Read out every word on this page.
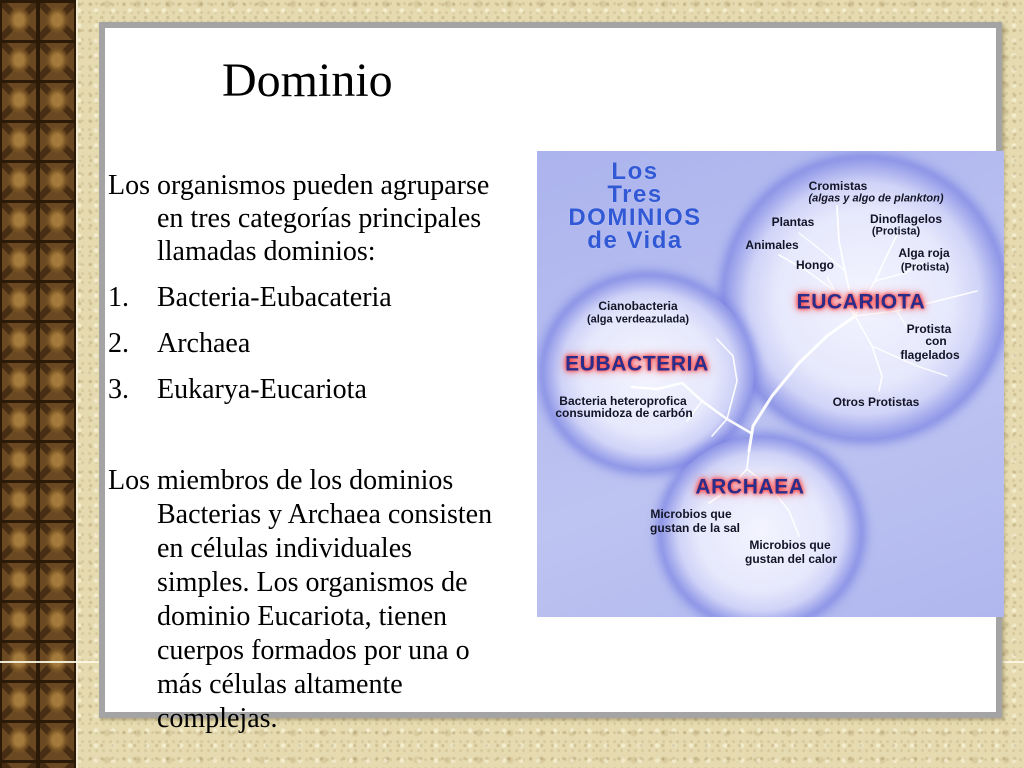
Dominio
Los organismos pueden agruparse
en tres categorías principales
llamadas dominios:
1.	Bacteria-Eubacateria
2.	Archaea
3.	Eukarya-Eucariota
Los miembros de los dominios
Bacterias y Archaea consisten
en células individuales
simples. Los organismos de
dominio Eucariota, tienen
cuerpos formados por una o
más células altamente
complejas.
Los
Tres
DOMINIOS
de Vida
Cromistas
(algas y algo de plankton)
Plantas	Dinoflagelos
(Protista)
Animales
Hongo
Alga roja
(Protista)
EUCARIOTA
Protista
con
flagelados
Otros Protistas
Cianobacteria
(alga verdeazulada)
EUBACTERIA
Bacteria heteroprofica
consumidoza de carbón
ARCHAEA
Microbios que
gustan de la sal
Microbios que
gustan del calor
